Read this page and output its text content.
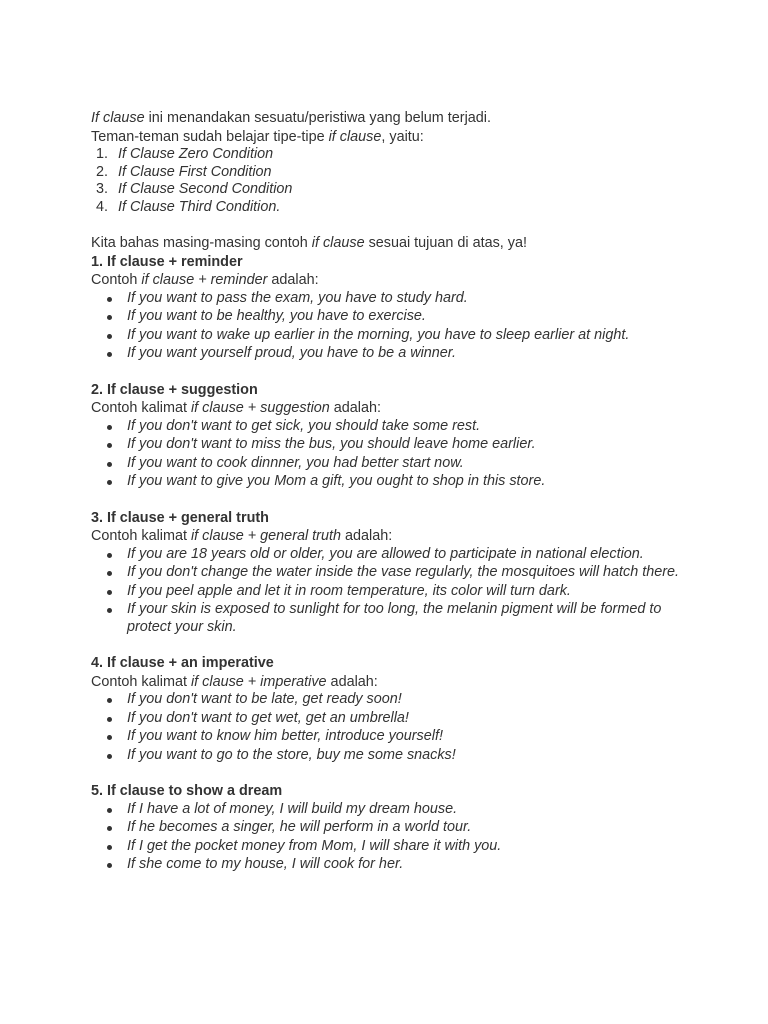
If clause ini menandakan sesuatu/peristiwa yang belum terjadi.

Teman-teman sudah belajar tipe-tipe if clause, yaitu:

1. If Clause Zero Condition
2. If Clause First Condition
3. If Clause Second Condition
4. If Clause Third Condition.

Kita bahas masing-masing contoh if clause sesuai tujuan di atas, ya!

1. If clause + reminder

Contoh if clause + reminder adalah:

If you want to pass the exam, you have to study hard.
If you want to be healthy, you have to exercise.
If you want to wake up earlier in the morning, you have to sleep earlier at night.
If you want yourself proud, you have to be a winner.

2. If clause + suggestion

Contoh kalimat if clause + suggestion adalah:

If you don't want to get sick, you should take some rest.
If you don't want to miss the bus, you should leave home earlier.
If you want to cook dinnner, you had better start now.
If you want to give you Mom a gift, you ought to shop in this store.

3. If clause + general truth

Contoh kalimat if clause + general truth adalah:

If you are 18 years old or older, you are allowed to participate in national election.
If you don't change the water inside the vase regularly, the mosquitoes will hatch there.
If you peel apple and let it in room temperature, its color will turn dark.
If your skin is exposed to sunlight for too long, the melanin pigment will be formed to protect your skin.

4. If clause + an imperative

Contoh kalimat if clause + imperative adalah:

If you don't want to be late, get ready soon!
If you don't want to get wet, get an umbrella!
If you want to know him better, introduce yourself!
If you want to go to the store, buy me some snacks!

5. If clause to show a dream

If I have a lot of money, I will build my dream house.
If he becomes a singer, he will perform in a world tour.
If I get the pocket money from Mom, I will share it with you.
If she come to my house, I will cook for her.
